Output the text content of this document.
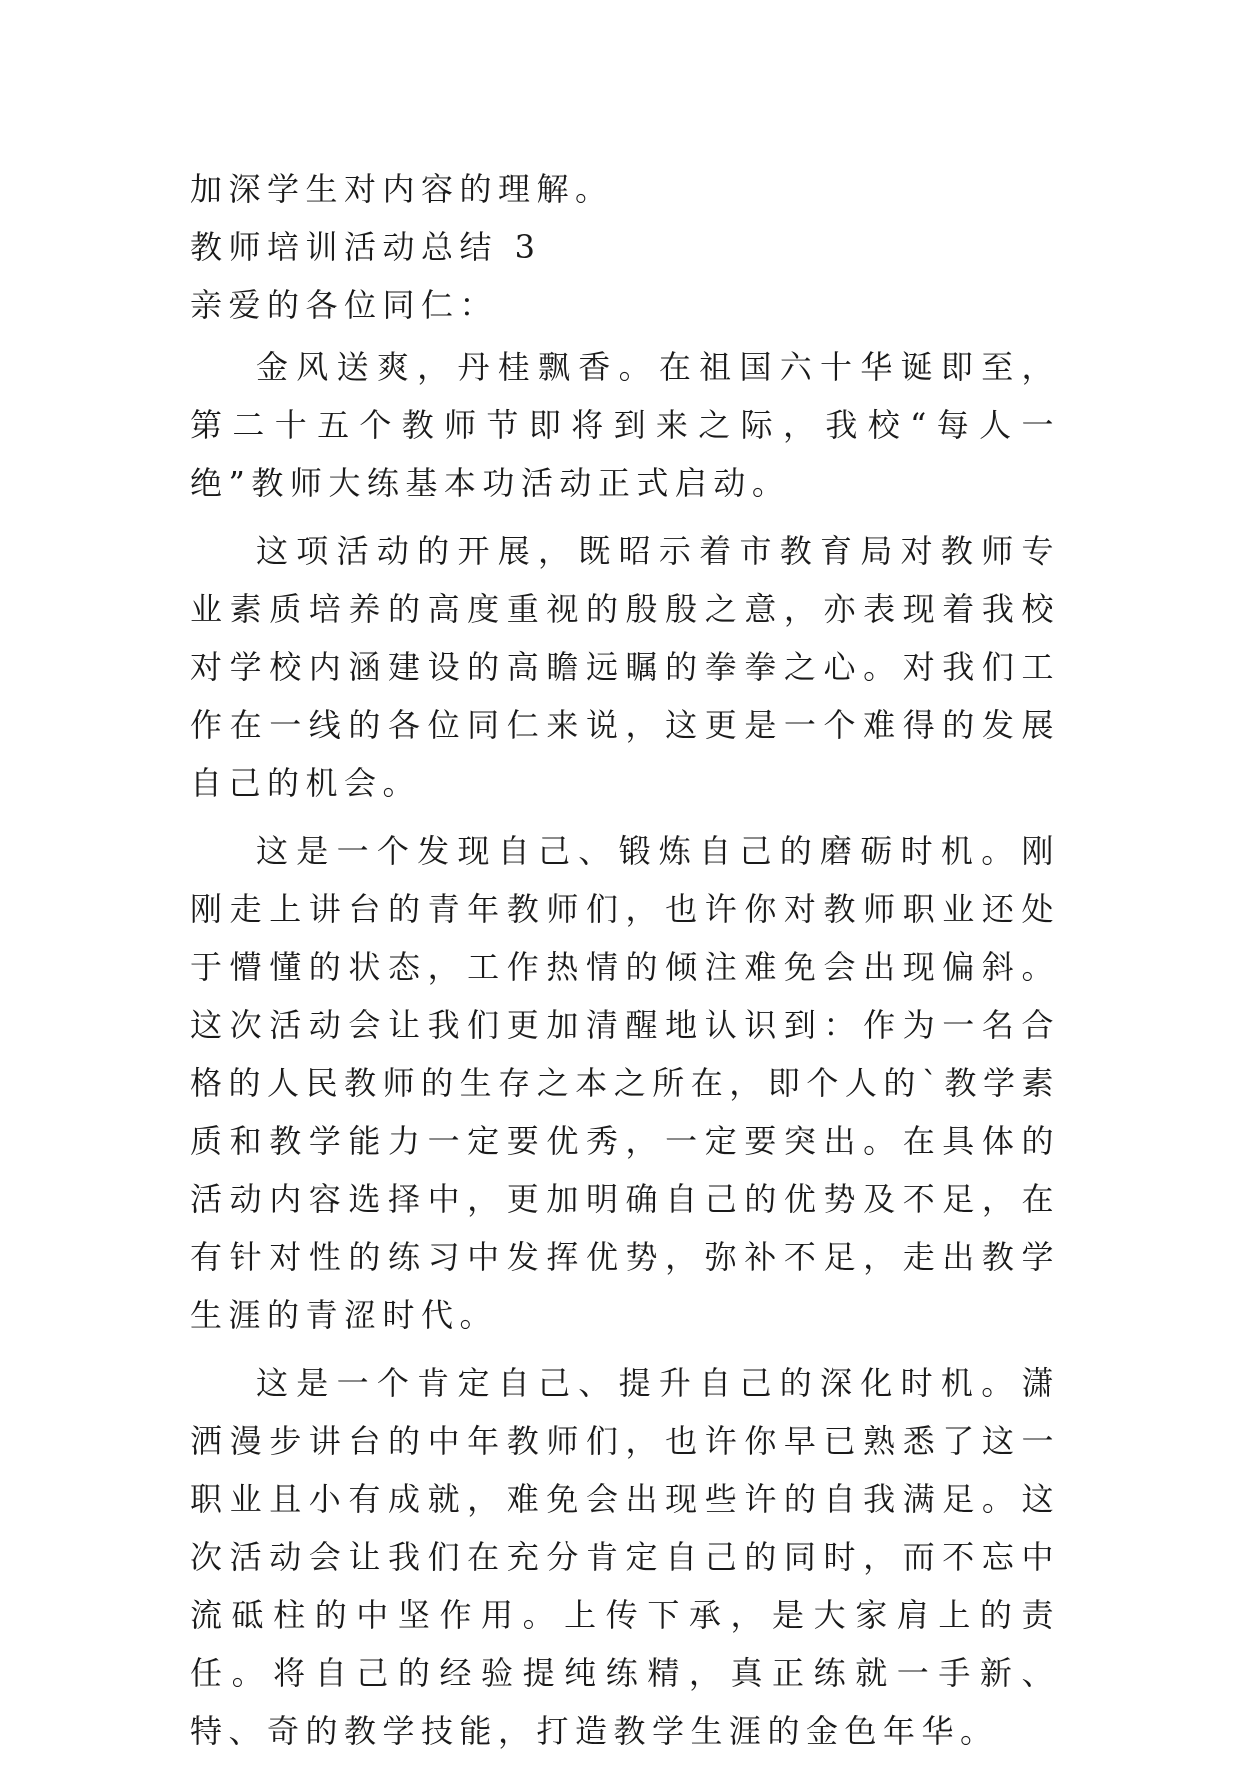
加深学生对内容的理解。

教师培训活动总结 3

亲爱的各位同仁：

金风送爽，丹桂飘香。在祖国六十华诞即至，第二十五个教师节即将到来之际，我校“每人一绝”教师大练基本功活动正式启动。

这项活动的开展，既昭示着市教育局对教师专业素质培养的高度重视的殷殷之意，亦表现着我校对学校内涵建设的高瞻远瞩的拳拳之心。对我们工作在一线的各位同仁来说，这更是一个难得的发展自己的机会。

这是一个发现自己、锻炼自己的磨砺时机。刚刚走上讲台的青年教师们，也许你对教师职业还处于懵懂的状态，工作热情的倾注难免会出现偏斜。这次活动会让我们更加清醒地认识到：作为一名合格的人民教师的生存之本之所在，即个人的`教学素质和教学能力一定要优秀，一定要突出。在具体的活动内容选择中，更加明确自己的优势及不足，在有针对性的练习中发挥优势，弥补不足，走出教学生涯的青涩时代。

这是一个肯定自己、提升自己的深化时机。潇洒漫步讲台的中年教师们，也许你早已熟悉了这一职业且小有成就，难免会出现些许的自我满足。这次活动会让我们在充分肯定自己的同时，而不忘中流砥柱的中坚作用。上传下承，是大家肩上的责任。将自己的经验提纯练精，真正练就一手新、特、奇的教学技能，打造教学生涯的金色年华。
